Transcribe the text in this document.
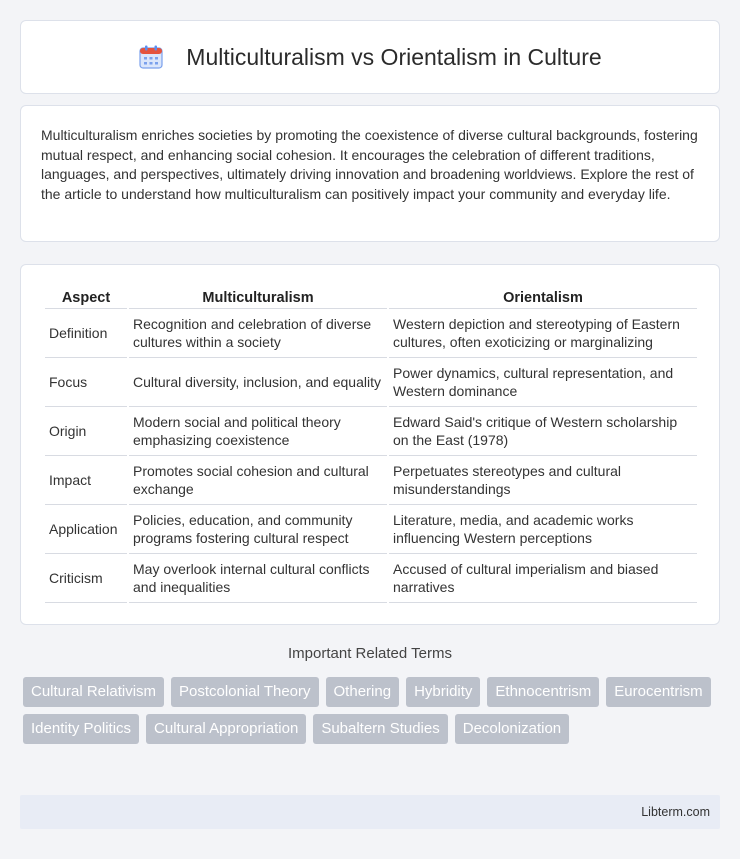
Multiculturalism vs Orientalism in Culture

Multiculturalism enriches societies by promoting the coexistence of diverse cultural backgrounds, fostering mutual respect, and enhancing social cohesion. It encourages the celebration of different traditions, languages, and perspectives, ultimately driving innovation and broadening worldviews. Explore the rest of the article to understand how multiculturalism can positively impact your community and everyday life.

Aspect	Multiculturalism	Orientalism
Definition	Recognition and celebration of diverse cultures within a society	Western depiction and stereotyping of Eastern cultures, often exoticizing or marginalizing
Focus	Cultural diversity, inclusion, and equality	Power dynamics, cultural representation, and Western dominance
Origin	Modern social and political theory emphasizing coexistence	Edward Said's critique of Western scholarship on the East (1978)
Impact	Promotes social cohesion and cultural exchange	Perpetuates stereotypes and cultural misunderstandings
Application	Policies, education, and community programs fostering cultural respect	Literature, media, and academic works influencing Western perceptions
Criticism	May overlook internal cultural conflicts and inequalities	Accused of cultural imperialism and biased narratives
Important Related Terms
Cultural Relativism	Postcolonial Theory	Othering	Hybridity	Ethnocentrism	Eurocentrism
Identity Politics	Cultural Appropriation	Subaltern Studies	Decolonization
Libterm.com
